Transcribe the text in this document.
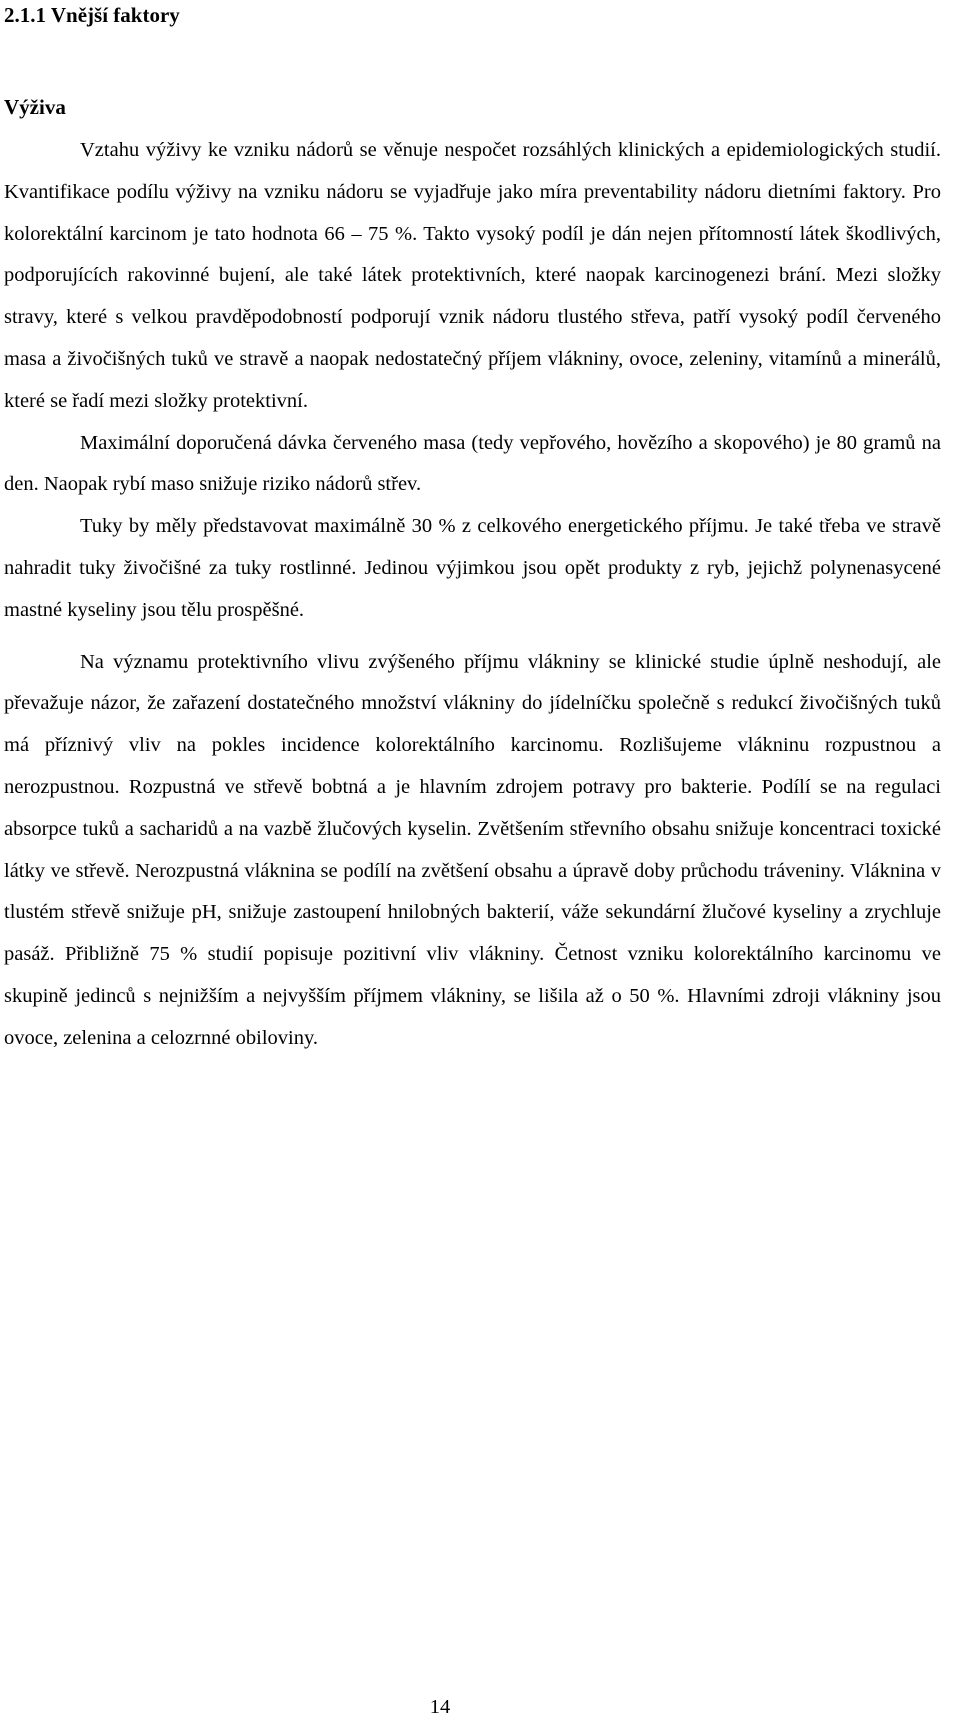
2.1.1 Vnější faktory
Výživa

Vztahu výživy ke vzniku nádorů se věnuje nespočet rozsáhlých klinických a epidemiologických studií. Kvantifikace podílu výživy na vzniku nádoru se vyjadřuje jako míra preventability nádoru dietními faktory. Pro kolorektální karcinom je tato hodnota 66 – 75 %. Takto vysoký podíl je dán nejen přítomností látek škodlivých, podporujících rakovinné bujení, ale také látek protektivních, které naopak karcinogenezi brání. Mezi složky stravy, které s velkou pravděpodobností podporují vznik nádoru tlustého střeva, patří vysoký podíl červeného masa a živočišných tuků ve stravě a naopak nedostatečný příjem vlákniny, ovoce, zeleniny, vitamínů a minerálů, které se řadí mezi složky protektivní.

Maximální doporučená dávka červeného masa (tedy vepřového, hovězího a skopového) je 80 gramů na den. Naopak rybí maso snižuje riziko nádorů střev.

Tuky by měly představovat maximálně 30 % z celkového energetického příjmu. Je také třeba ve stravě nahradit tuky živočišné za tuky rostlinné. Jedinou výjimkou jsou opět produkty z ryb, jejichž polynenasycené mastné kyseliny jsou tělu prospěšné.

Na významu protektivního vlivu zvýšeného příjmu vlákniny se klinické studie úplně neshodují, ale převažuje názor, že zařazení dostatečného množství vlákniny do jídelníčku společně s redukcí živočišných tuků má příznivý vliv na pokles incidence kolorektálního karcinomu. Rozlišujeme vlákninu rozpustnou a nerozpustnou. Rozpustná ve střevě bobtná a je hlavním zdrojem potravy pro bakterie. Podílí se na regulaci absorpce tuků a sacharidů a na vazbě žlučových kyselin. Zvětšením střevního obsahu snižuje koncentraci toxické látky ve střevě. Nerozpustná vláknina se podílí na zvětšení obsahu a úpravě doby průchodu tráveniny. Vláknina v tlustém střevě snižuje pH, snižuje zastoupení hnilobných bakterií, váže sekundární žlučové kyseliny a zrychluje pasáž. Přibližně 75 % studií popisuje pozitivní vliv vlákniny. Četnost vzniku kolorektálního karcinomu ve skupině jedinců s nejnižším a nejvyšším příjmem vlákniny, se lišila až o 50 %. Hlavními zdroji vlákniny jsou ovoce, zelenina a celozrnné obiloviny.

14
